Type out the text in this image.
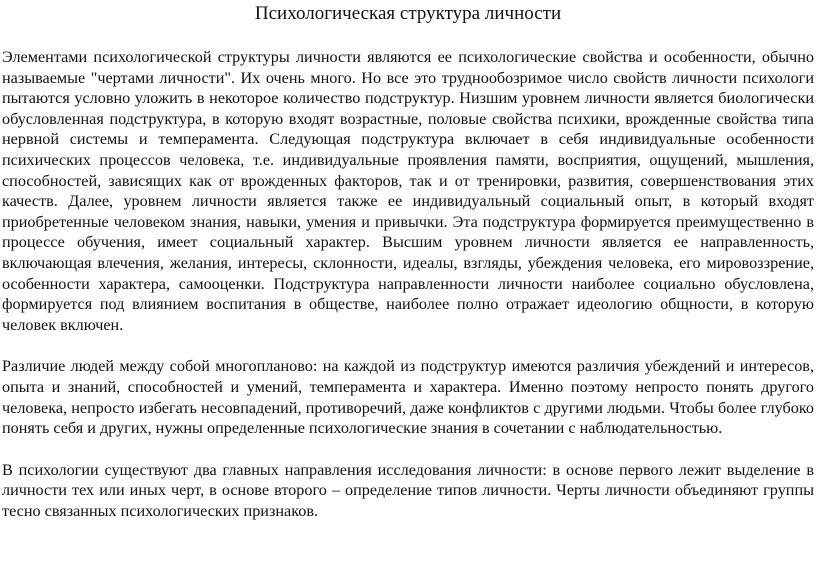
Психологическая структура личности

Элементами психологической структуры личности являются ее психологические свойства и особенности, обычно называемые "чертами личности". Их очень много. Но все это труднообозримое число свойств личности психологи пытаются условно уложить в некоторое количество подструктур. Низшим уровнем личности является биологически обусловленная подструктура, в которую входят возрастные, половые свойства психики, врожденные свойства типа нервной системы и темперамента. Следующая подструктура включает в себя индивидуальные особенности психических процессов человека, т.е. индивидуальные проявления памяти, восприятия, ощущений, мышления, способностей, зависящих как от врожденных факторов, так и от тренировки, развития, совершенствования этих качеств. Далее, уровнем личности является также ее индивидуальный социальный опыт, в который входят приобретенные человеком знания, навыки, умения и привычки. Эта подструктура формируется преимущественно в процессе обучения, имеет социальный характер. Высшим уровнем личности является ее направленность, включающая влечения, желания, интересы, склонности, идеалы, взгляды, убеждения человека, его мировоззрение, особенности характера, самооценки. Подструктура направленности личности наиболее социально обусловлена, формируется под влиянием воспитания в обществе, наиболее полно отражает идеологию общности, в которую человек включен.

Различие людей между собой многопланово: на каждой из подструктур имеются различия убеждений и интересов, опыта и знаний, способностей и умений, темперамента и характера. Именно поэтому непросто понять другого человека, непросто избегать несовпадений, противоречий, даже конфликтов с другими людьми. Чтобы более глубоко понять себя и других, нужны определенные психологические знания в сочетании с наблюдательностью.

В психологии существуют два главных направления исследования личности: в основе первого лежит выделение в личности тех или иных черт, в основе второго – определение типов личности. Черты личности объединяют группы тесно связанных психологических признаков.
